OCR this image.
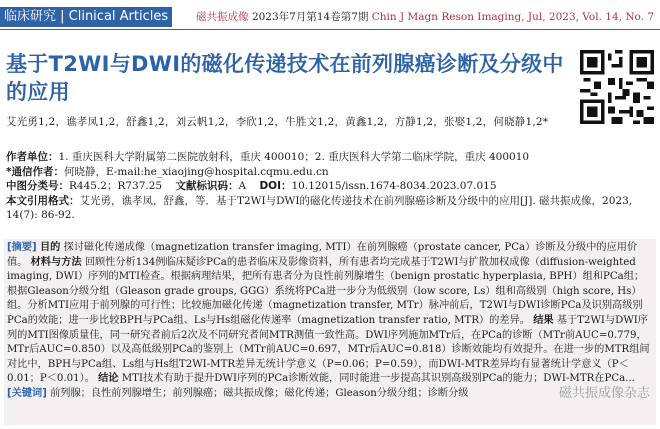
临床研究 | Clinical Articles	磁共振成像 2023年7月第14卷第7期 Chin J Magn Reson Imaging, Jul, 2023, Vol. 14, No. 7
基于T2WI与DWI的磁化传递技术在前列腺癌诊断及分级中的应用
艾光勇1,2，谯孝凤1,2，舒鑫1,2，刘云帆1,2，李欣1,2，牛胜文1,2，黄鑫1,2，方静1,2，张娶1,2，何晓静1,2*
作者单位：1. 重庆医科大学附属第二医院放射科，重庆 400010；2. 重庆医科大学第二临床学院，重庆 400010
*通信作者：何晓静，E-mail:he_xiaojing@hospital.cqmu.edu.cn
中图分类号：R445.2；R737.25 文献标识码：A DOI：10.12015/issn.1674-8034.2023.07.015
本文引用格式：艾光勇，谯孝凤，舒鑫，等．基于T2WI与DWI的磁化传递技术在前列腺癌诊断及分级中的应用[J]. 磁共振成像，2023, 14(7): 86-92.
[摘要] 目的 探讨磁化传递成像（magnetization transfer imaging, MTI）在前列腺癌（prostate cancer, PCa）诊断及分级中的应用价值。 材料与方法 回顾性分析134例临床疑诊PCa的患者临床及影像资料，所有患者均完成基于T2WI与扩散加权成像（diffusion-weighted imaging, DWI）序列的MTI检查。根据病理结果，把所有患者分为良性前列腺增生（benign prostatic hyperplasia, BPH）组和PCa组；根据Gleason分级分组（Gleason grade groups, GGG）系统将PCa进一步分为低级别（low score, Ls）组和高级别（high score, Hs）组。分析MTI应用于前列腺的可行性；比较施加磁化传递（magnetization transfer, MTr）脉冲前后，T2WI与DWI诊断PCa及识别高级别PCa的效能；进一步比较BPH与PCa组、Ls与Hs组磁化传递率（magnetization transfer ratio, MTR）的差异。 结果 基于T2WI与DWI序列的MTI图像质量佳，同一研究者前后2次及不同研究者间MTR测值一致性高。DWI序列施加MTr后，在PCa的诊断（MTr前AUC=0.779，MTr后AUC=0.850）以及高低级别PCa的鉴别上（MTr前AUC=0.697，MTr后AUC=0.818）诊断效能均有效提升。在进一步的MTR组间对比中，BPH与PCa组、Ls组与Hs组T2WI-MTR差异无统计学意义（P=0.06；P=0.59），而DWI-MTR差异均有显著统计学意义（P＜0.01；P＜0.01）。 结论 MTI技术有助于提升DWI序列的PCa诊断效能，同时能进一步提高其识别高级别PCa的能力；DWI-MTR在PCa...
[关键词] 前列腺；良性前列腺增生；前列腺癌；磁共振成像；磁化传递；Gleason分级分组；诊断分级	磁共振成像杂志
